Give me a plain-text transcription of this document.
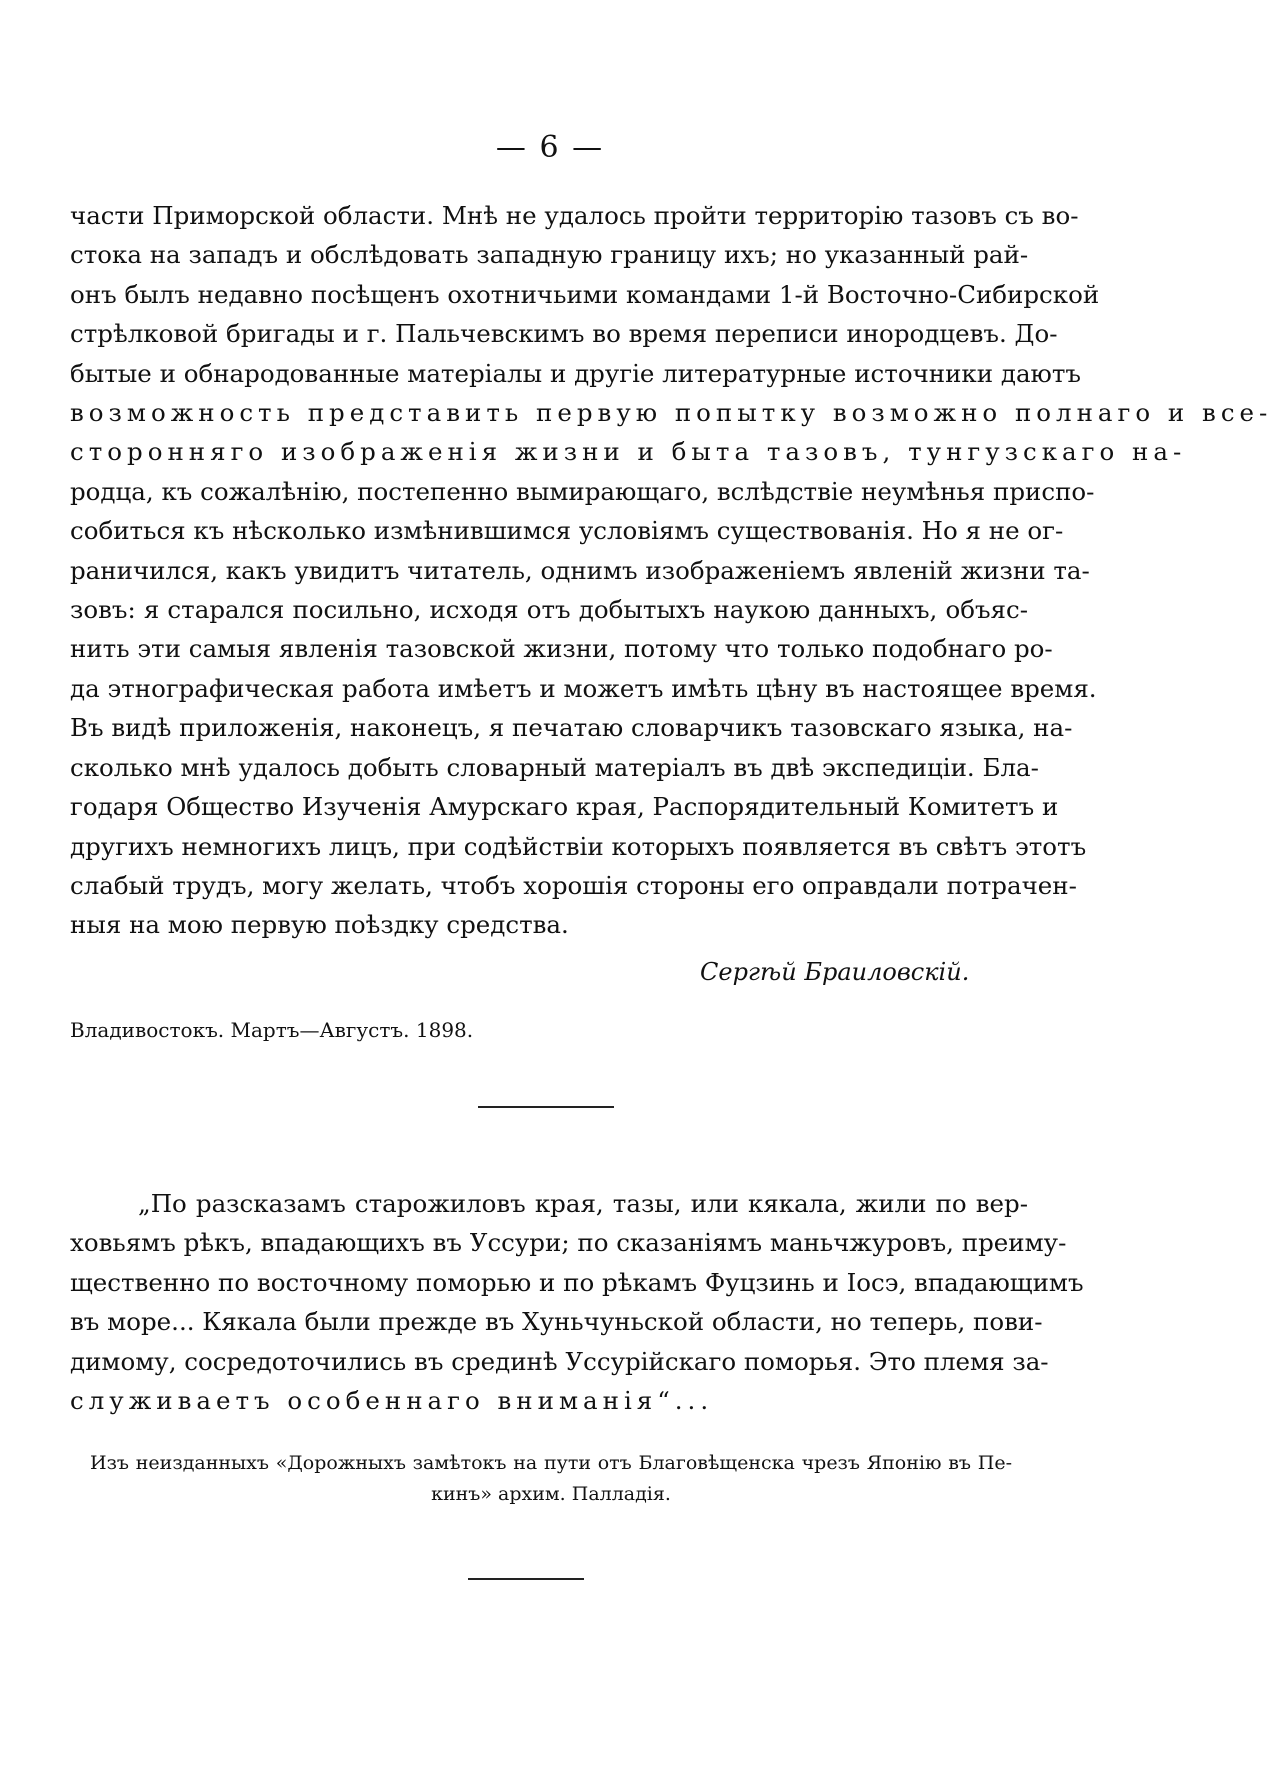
— 6 —
части Приморской области. Мнѣ не удалось пройти территорію тазовъ съ во-
стока на западъ и обслѣдовать западную границу ихъ; но указанный рай-
онъ былъ недавно посѣщенъ охотничьими командами 1-й Восточно-Сибирской
стрѣлковой бригады и г. Пальчевскимъ во время переписи инородцевъ. До-
бытые и обнародованные матеріалы и другіе литературные источники даютъ
возможность представить первую попытку возможно полнаго и все-
сторонняго изображенія жизни и быта тазовъ, тунгузскаго на-
родца, къ сожалѣнію, постепенно вымирающаго, вслѣдствіе неумѣнья приспо-
собиться къ нѣсколько измѣнившимся условіямъ существованія. Но я не ог-
раничился, какъ увидитъ читатель, однимъ изображеніемъ явленій жизни та-
зовъ: я старался посильно, исходя отъ добытыхъ наукою данныхъ, объяс-
нить эти самыя явленія тазовской жизни, потому что только подобнаго ро-
да этнографическая работа имѣетъ и можетъ имѣть цѣну въ настоящее время.
Въ видѣ приложенія, наконецъ, я печатаю словарчикъ тазовскаго языка, на-
сколько мнѣ удалось добыть словарный матеріалъ въ двѣ экспедиціи. Бла-
годаря Общество Изученія Амурскаго края, Распорядительный Комитетъ и
другихъ немногихъ лицъ, при содѣйствіи которыхъ появляется въ свѣтъ этотъ
слабый трудъ, могу желать, чтобъ хорошія стороны его оправдали потрачен-
ныя на мою первую поѣздку средства.
Сергѣй Браиловскій.
Владивостокъ. Мартъ—Августъ. 1898.
„По разсказамъ старожиловъ края, тазы, или кякала, жили по вер-
ховьямъ рѣкъ, впадающихъ въ Уссури; по сказаніямъ маньчжуровъ, преиму-
щественно по восточному поморью и по рѣкамъ Фуцзинь и Іосэ, впадающимъ
въ море... Кякала были прежде въ Хуньчуньской области, но теперь, пови-
димому, сосредоточились въ срединѣ Уссурійскаго поморья. Это племя за-
служиваетъ особеннаго вниманія“...
Изъ неизданныхъ «Дорожныхъ замѣтокъ на пути отъ Благовѣщенска чрезъ Японію въ Пе-
кинъ» архим. Палладія.
